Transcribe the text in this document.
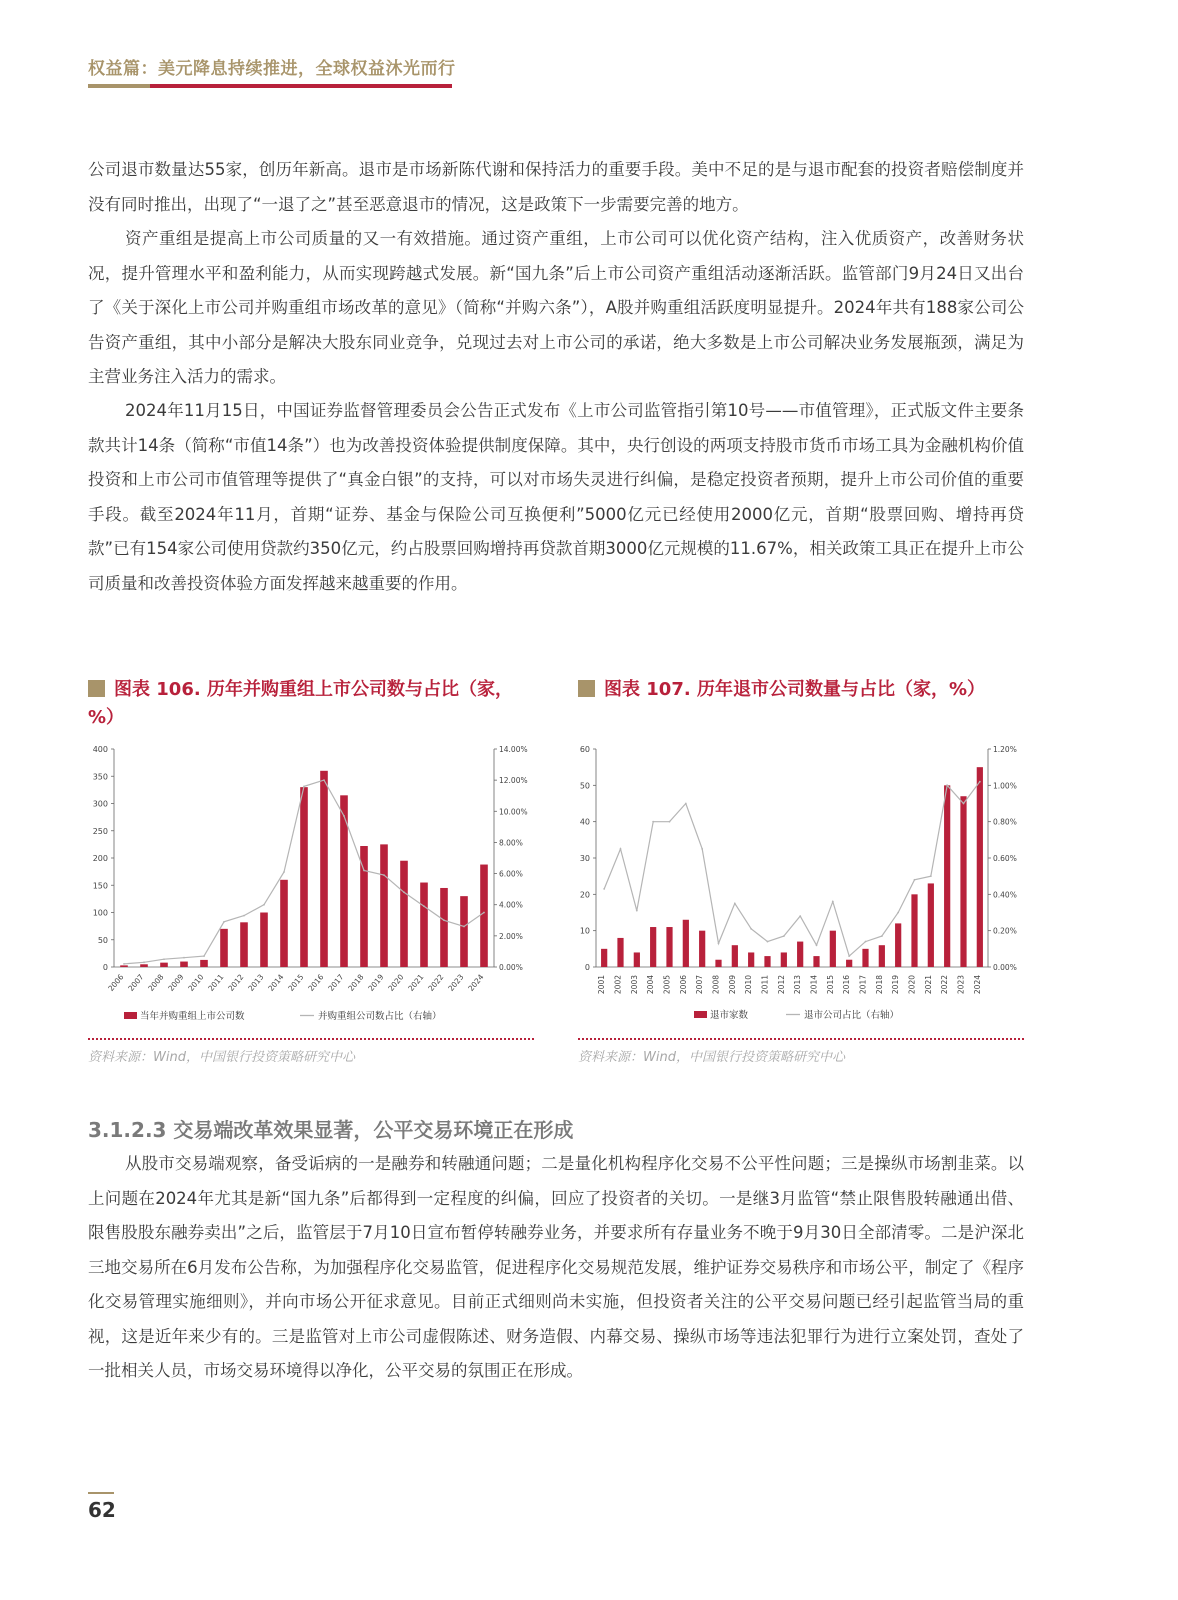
权益篇：美元降息持续推进，全球权益沐光而行

公司退市数量达55家，创历年新高。退市是市场新陈代谢和保持活力的重要手段。美中不足的是与退市配套的投资者赔偿制度并没有同时推出，出现了“一退了之”甚至恶意退市的情况，这是政策下一步需要完善的地方。

资产重组是提高上市公司质量的又一有效措施。通过资产重组，上市公司可以优化资产结构，注入优质资产，改善财务状况，提升管理水平和盈利能力，从而实现跨越式发展。新“国九条”后上市公司资产重组活动逐渐活跃。监管部门9月24日又出台了《关于深化上市公司并购重组市场改革的意见》（简称“并购六条”），A股并购重组活跃度明显提升。2024年共有188家公司公告资产重组，其中小部分是解决大股东同业竞争，兑现过去对上市公司的承诺，绝大多数是上市公司解决业务发展瓶颈，满足为主营业务注入活力的需求。

2024年11月15日，中国证券监督管理委员会公告正式发布《上市公司监管指引第10号——市值管理》，正式版文件主要条款共计14条（简称“市值14条”）也为改善投资体验提供制度保障。其中，央行创设的两项支持股市货币市场工具为金融机构价值投资和上市公司市值管理等提供了“真金白银”的支持，可以对市场失灵进行纠偏，是稳定投资者预期，提升上市公司价值的重要手段。截至2024年11月，首期“证券、基金与保险公司互换便利”5000亿元已经使用2000亿元，首期“股票回购、增持再贷款”已有154家公司使用贷款约350亿元，约占股票回购增持再贷款首期3000亿元规模的11.67%，相关政策工具正在提升上市公司质量和改善投资体验方面发挥越来越重要的作用。

图表 106. 历年并购重组上市公司数与占比（家，%）
图表 107. 历年退市公司数量与占比（家，%）
0
50
100
150
200
250
300
350
400
0.00%
2.00%
4.00%
6.00%
8.00%
10.00%
12.00%
14.00%
2006 2007 2008 2009 2010 2011 2012 2013 2014 2015 2016 2017 2018 2019 2020 2021 2022 2023 2024
当年并购重组上市公司数	并购重组公司数占比（右轴）
0
10
20
30
40
50
60
0.00%
0.20%
0.40%
0.60%
0.80%
1.00%
1.20%
2001 2002 2003 2004 2005 2006 2007 2008 2009 2010 2011 2012 2013 2014 2015 2016 2017 2018 2019 2020 2021 2022 2023 2024
退市家数	退市公司占比（右轴）
资料来源：Wind，中国银行投资策略研究中心	资料来源：Wind，中国银行投资策略研究中心
3.1.2.3 交易端改革效果显著，公平交易环境正在形成

从股市交易端观察，备受诟病的一是融券和转融通问题；二是量化机构程序化交易不公平性问题；三是操纵市场割韭菜。以上问题在2024年尤其是新“国九条”后都得到一定程度的纠偏，回应了投资者的关切。一是继3月监管“禁止限售股转融通出借、限售股股东融券卖出”之后，监管层于7月10日宣布暂停转融券业务，并要求所有存量业务不晚于9月30日全部清零。二是沪深北三地交易所在6月发布公告称，为加强程序化交易监管，促进程序化交易规范发展，维护证券交易秩序和市场公平，制定了《程序化交易管理实施细则》，并向市场公开征求意见。目前正式细则尚未实施，但投资者关注的公平交易问题已经引起监管当局的重视，这是近年来少有的。三是监管对上市公司虚假陈述、财务造假、内幕交易、操纵市场等违法犯罪行为进行立案处罚，查处了一批相关人员，市场交易环境得以净化，公平交易的氛围正在形成。

62
